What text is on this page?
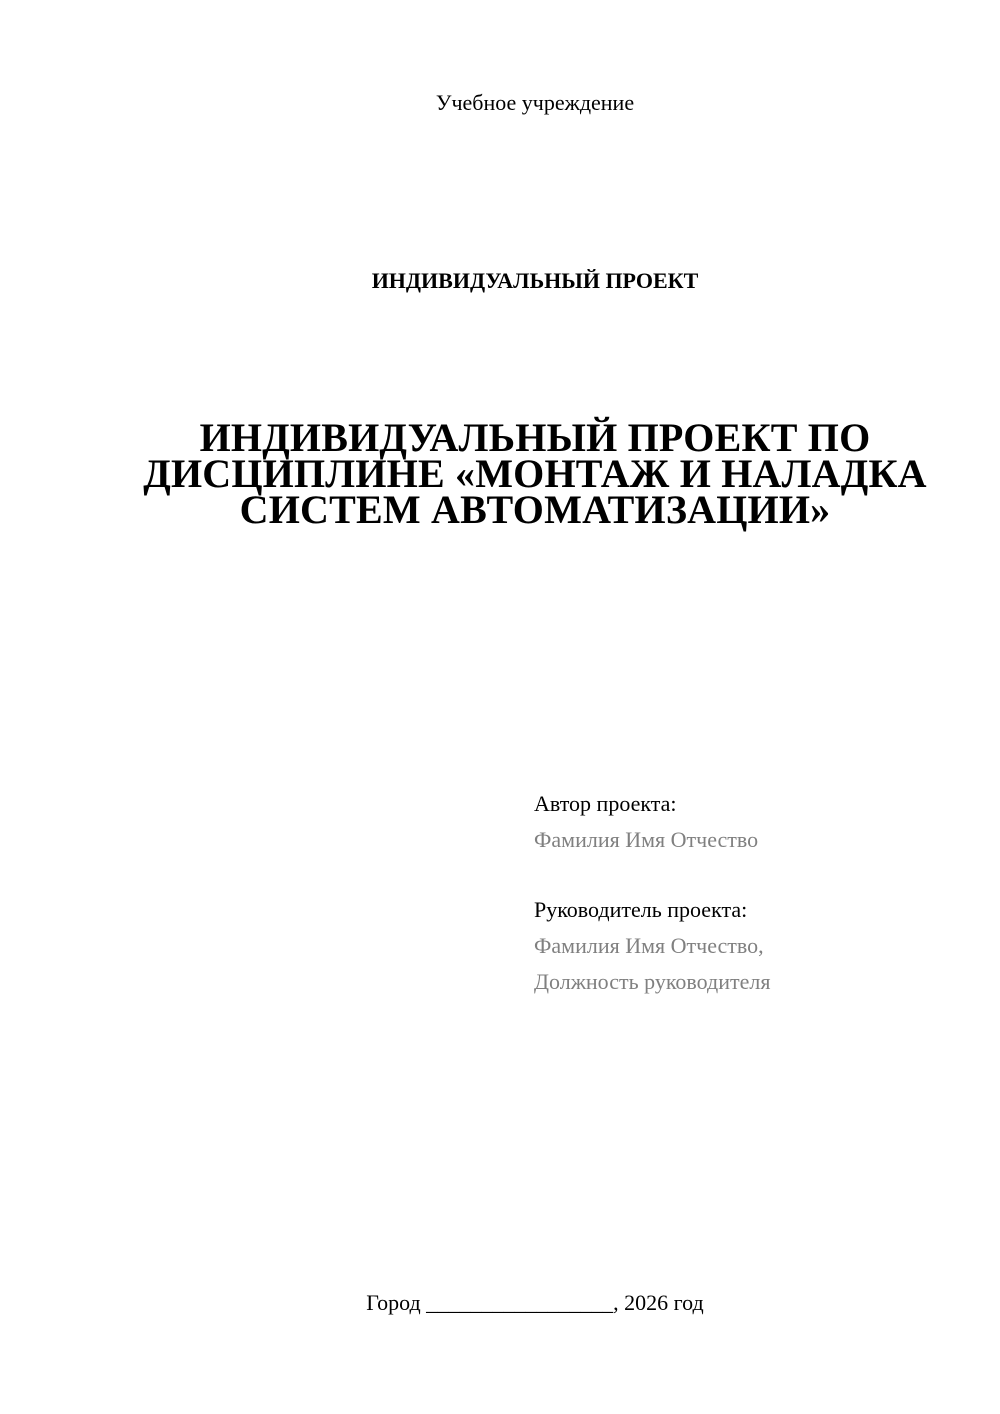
Учебное учреждение
ИНДИВИДУАЛЬНЫЙ ПРОЕКТ
ИНДИВИДУАЛЬНЫЙ ПРОЕКТ ПО
ДИСЦИПЛИНЕ «МОНТАЖ И НАЛАДКА
СИСТЕМ АВТОМАТИЗАЦИИ»
Автор проекта:
Фамилия Имя Отчество
Руководитель проекта:
Фамилия Имя Отчество,
Должность руководителя
Город _________________, 2026 год
